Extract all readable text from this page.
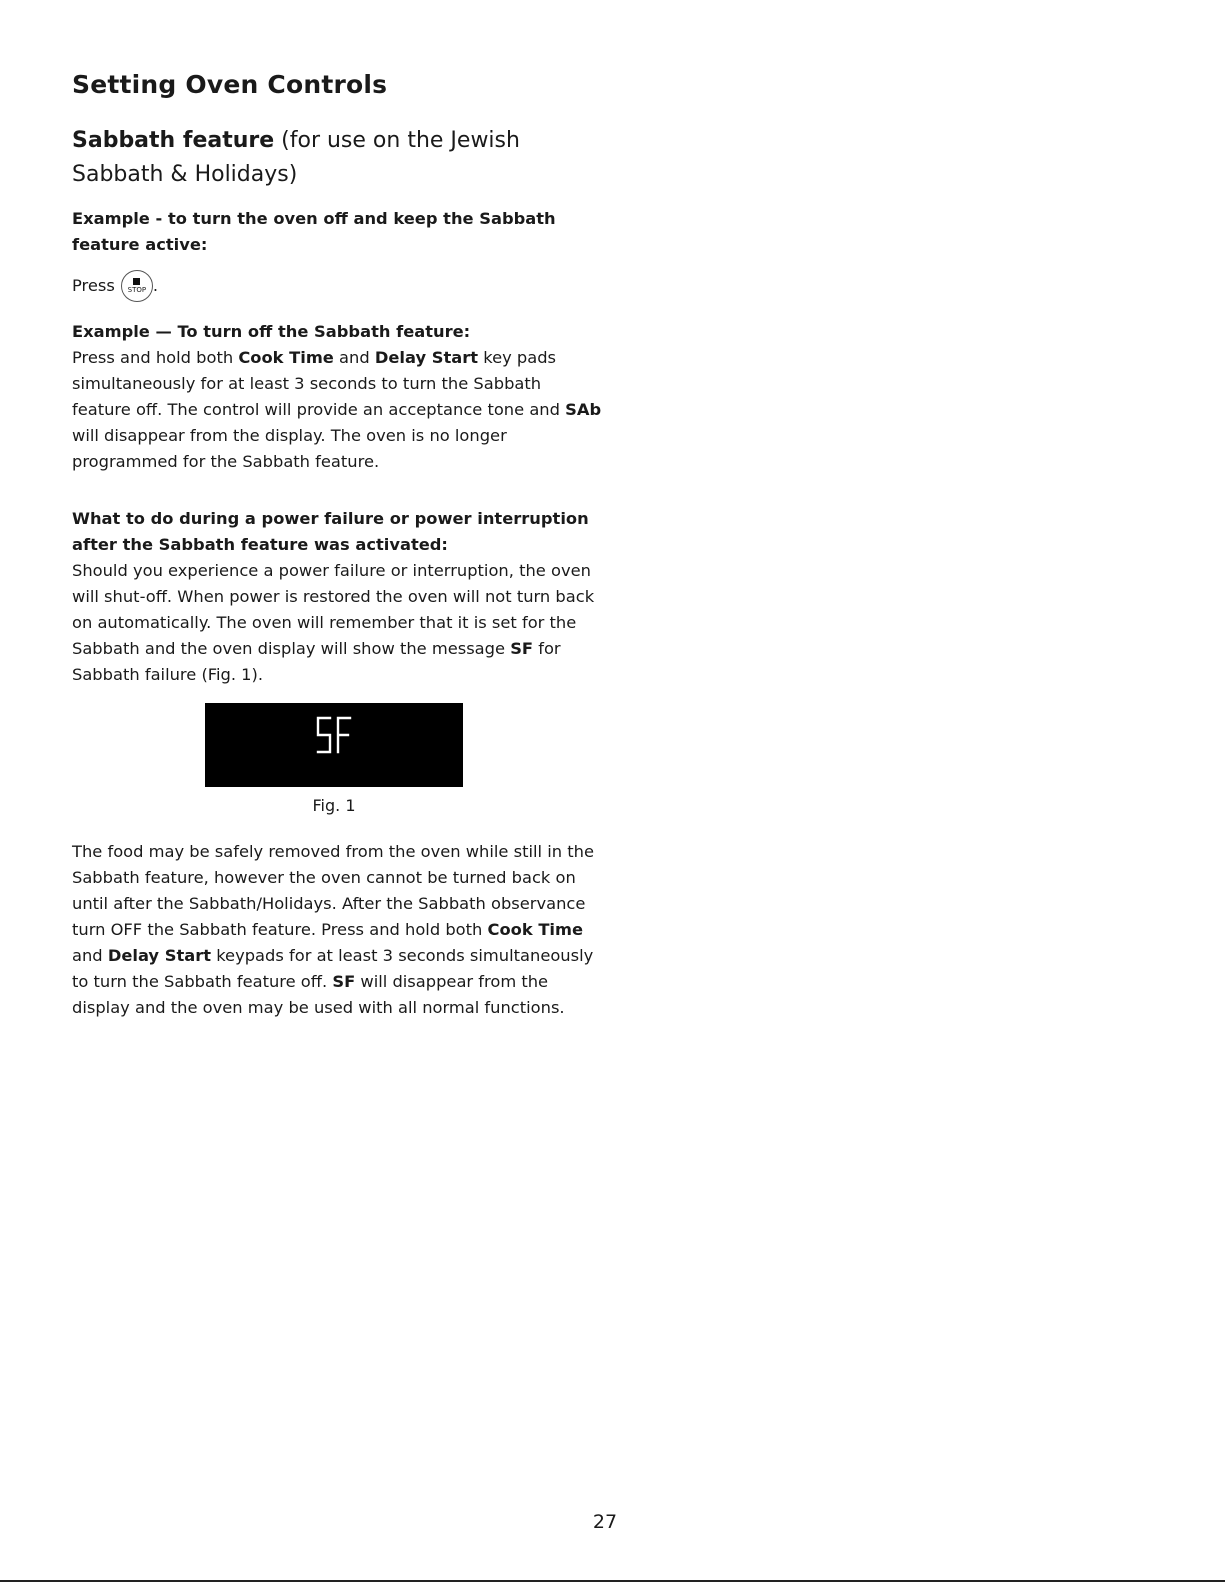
Setting Oven Controls
Sabbath feature (for use on the Jewish Sabbath & Holidays)

Example - to turn the oven off and keep the Sabbath feature active:

Press STOP .

Example — To turn off the Sabbath feature:

Press and hold both Cook Time and Delay Start key pads simultaneously for at least 3 seconds to turn the Sabbath feature off. The control will provide an acceptance tone and SAb will disappear from the display. The oven is no longer programmed for the Sabbath feature.

What to do during a power failure or power interruption after the Sabbath feature was activated:

Should you experience a power failure or interruption, the oven will shut-off. When power is restored the oven will not turn back on automatically. The oven will remember that it is set for the Sabbath and the oven display will show the message SF for Sabbath failure (Fig. 1).

Fig. 1

The food may be safely removed from the oven while still in the Sabbath feature, however the oven cannot be turned back on until after the Sabbath/Holidays. After the Sabbath observance turn OFF the Sabbath feature. Press and hold both Cook Time and Delay Start keypads for at least 3 seconds simultaneously to turn the Sabbath feature off. SF will disappear from the display and the oven may be used with all normal functions.

27
